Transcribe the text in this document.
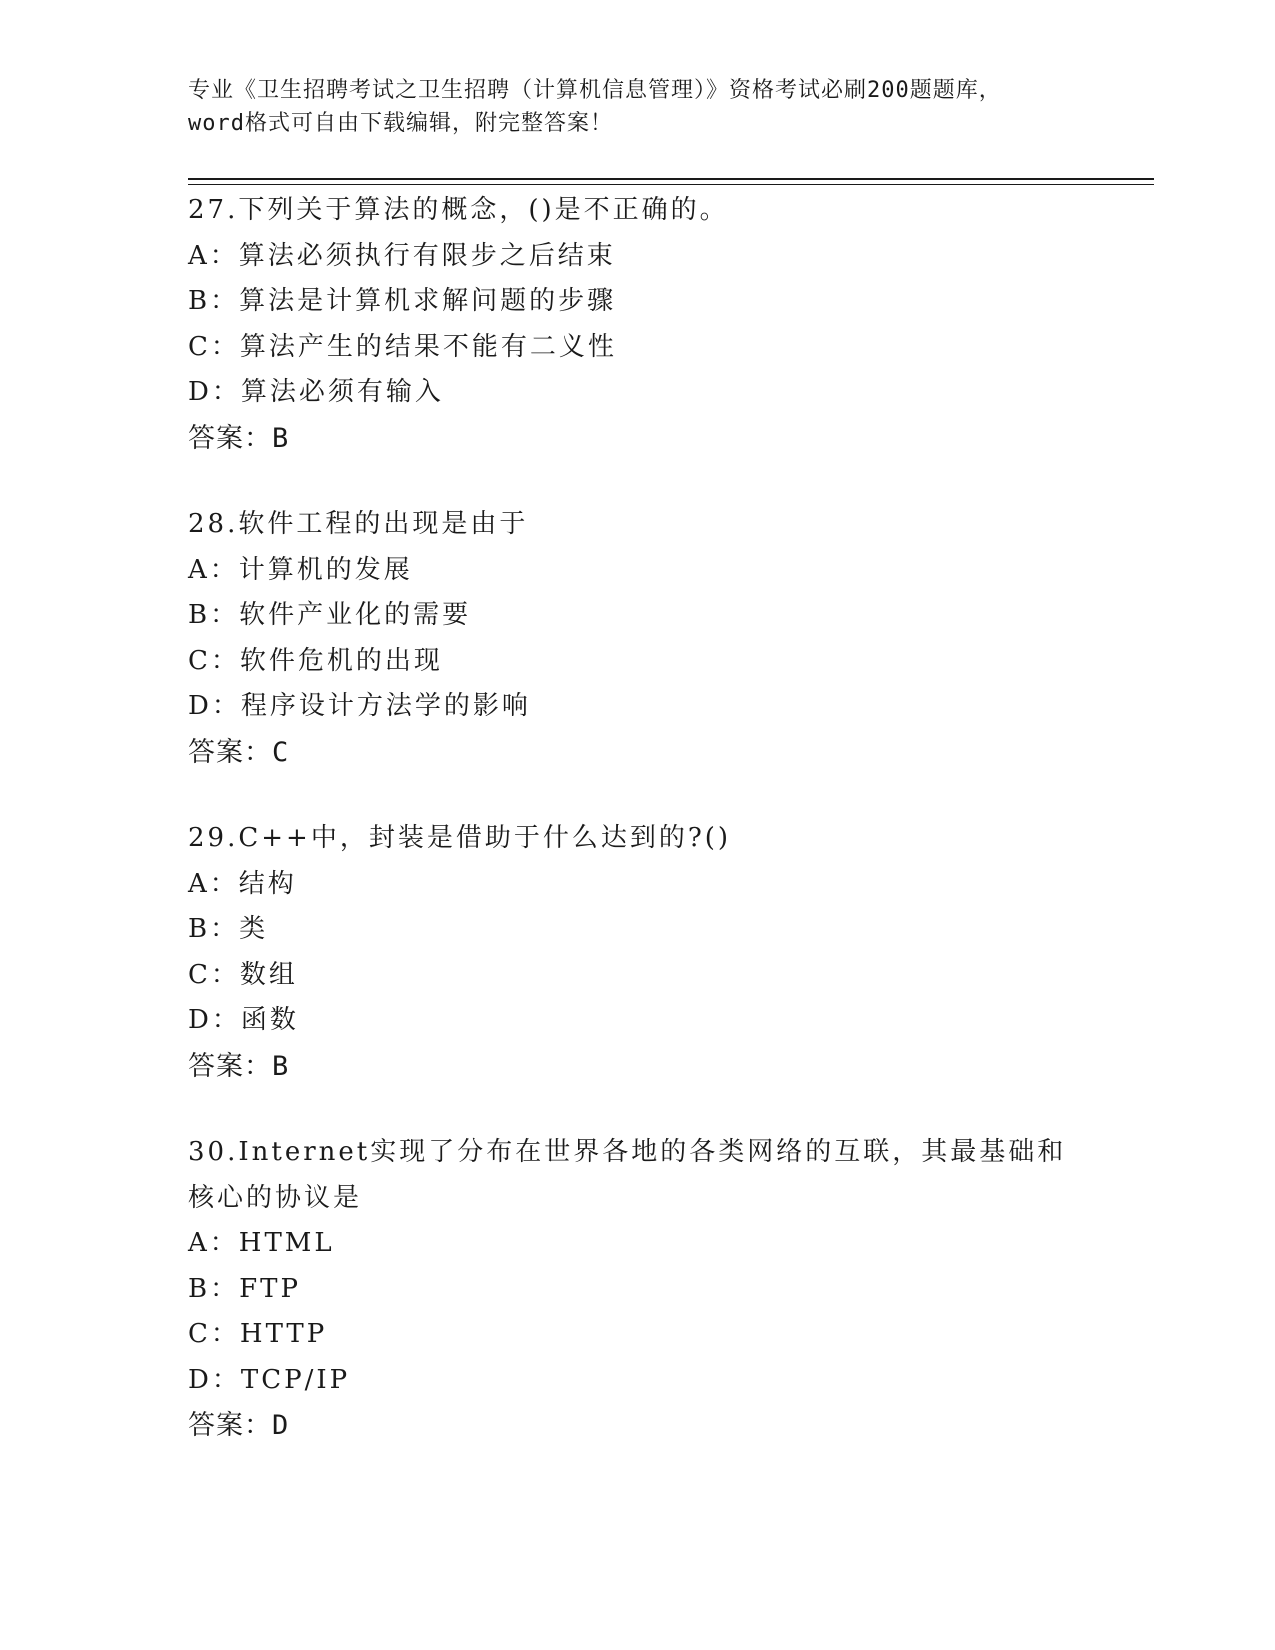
专业《卫生招聘考试之卫生招聘（计算机信息管理）》资格考试必刷200题题库，
word格式可自由下载编辑，附完整答案！
27.下列关于算法的概念，()是不正确的。
A：算法必须执行有限步之后结束
B：算法是计算机求解问题的步骤
C：算法产生的结果不能有二义性
D：算法必须有输入
答案：B
28.软件工程的出现是由于
A：计算机的发展
B：软件产业化的需要
C：软件危机的出现
D：程序设计方法学的影响
答案：C
29.C++中，封装是借助于什么达到的?()
A：结构
B：类
C：数组
D：函数
答案：B
30.Internet实现了分布在世界各地的各类网络的互联，其最基础和核心的协议是
A：HTML
B：FTP
C：HTTP
D：TCP/IP
答案：D
